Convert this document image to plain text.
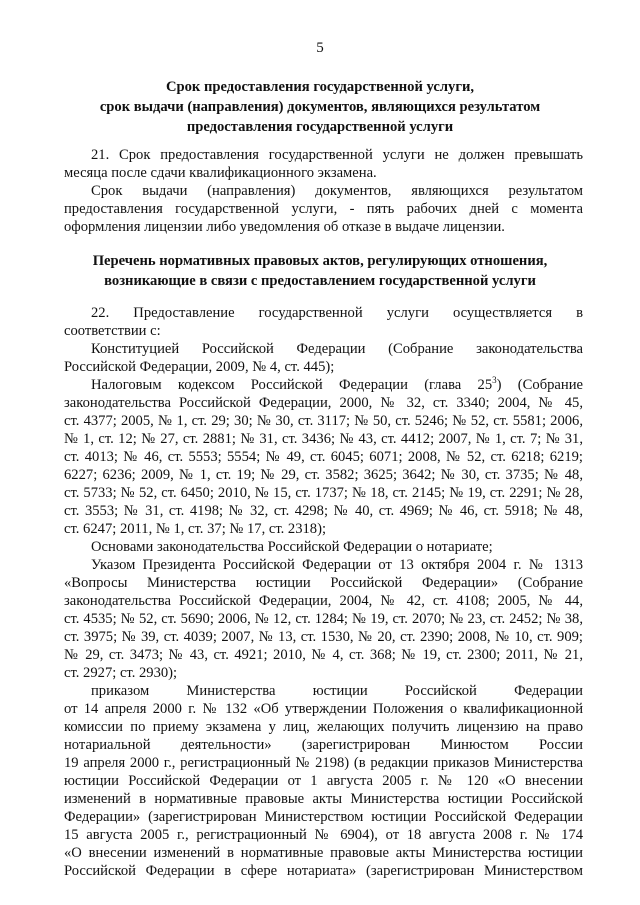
5
Срок предоставления государственной услуги,
срок выдачи (направления) документов, являющихся результатом
предоставления государственной услуги
21. Срок предоставления государственной услуги не должен превышать
месяца после сдачи квалификационного экзамена.
Срок выдачи (направления) документов, являющихся результатом
предоставления государственной услуги, - пять рабочих дней с момента
оформления лицензии либо уведомления об отказе в выдаче лицензии.
Перечень нормативных правовых актов, регулирующих отношения,
возникающие в связи с предоставлением государственной услуги
22. Предоставление государственной услуги осуществляется в
соответствии с:
Конституцией Российской Федерации (Собрание законодательства
Российской Федерации, 2009, № 4, ст. 445);
Налоговым кодексом Российской Федерации (глава $25^3$) (Собрание
законодательства Российской Федерации, 2000, № 32, ст. 3340; 2004, № 45,
ст. 4377; 2005, № 1, ст. 29; 30; № 30, ст. 3117; № 50, ст. 5246; № 52, ст. 5581; 2006,
№ 1, ст. 12; № 27, ст. 2881; № 31, ст. 3436; № 43, ст. 4412; 2007, № 1, ст. 7; № 31,
ст. 4013; № 46, ст. 5553; 5554; № 49, ст. 6045; 6071; 2008, № 52, ст. 6218; 6219;
6227; 6236; 2009, № 1, ст. 19; № 29, ст. 3582; 3625; 3642; № 30, ст. 3735; № 48,
ст. 5733; № 52, ст. 6450; 2010, № 15, ст. 1737; № 18, ст. 2145; № 19, ст. 2291; № 28,
ст. 3553; № 31, ст. 4198; № 32, ст. 4298; № 40, ст. 4969; № 46, ст. 5918; № 48,
ст. 6247; 2011, № 1, ст. 37; № 17, ст. 2318);
Основами законодательства Российской Федерации о нотариате;
Указом Президента Российской Федерации от 13 октября 2004 г. № 1313
«Вопросы Министерства юстиции Российской Федерации» (Собрание
законодательства Российской Федерации, 2004, № 42, ст. 4108; 2005, № 44,
ст. 4535; № 52, ст. 5690; 2006, № 12, ст. 1284; № 19, ст. 2070; № 23, ст. 2452; № 38,
ст. 3975; № 39, ст. 4039; 2007, № 13, ст. 1530, № 20, ст. 2390; 2008, № 10, ст. 909;
№ 29, ст. 3473; № 43, ст. 4921; 2010, № 4, ст. 368; № 19, ст. 2300; 2011, № 21,
ст. 2927; ст. 2930);
приказом Министерства юстиции Российской Федерации
от 14 апреля 2000 г. № 132 «Об утверждении Положения о квалификационной
комиссии по приему экзамена у лиц, желающих получить лицензию на право
нотариальной деятельности» (зарегистрирован Минюстом России
19 апреля 2000 г., регистрационный № 2198) (в редакции приказов Министерства
юстиции Российской Федерации от 1 августа 2005 г. № 120 «О внесении
изменений в нормативные правовые акты Министерства юстиции Российской
Федерации» (зарегистрирован Министерством юстиции Российской Федерации
15 августа 2005 г., регистрационный № 6904), от 18 августа 2008 г. № 174
«О внесении изменений в нормативные правовые акты Министерства юстиции
Российской Федерации в сфере нотариата» (зарегистрирован Министерством
